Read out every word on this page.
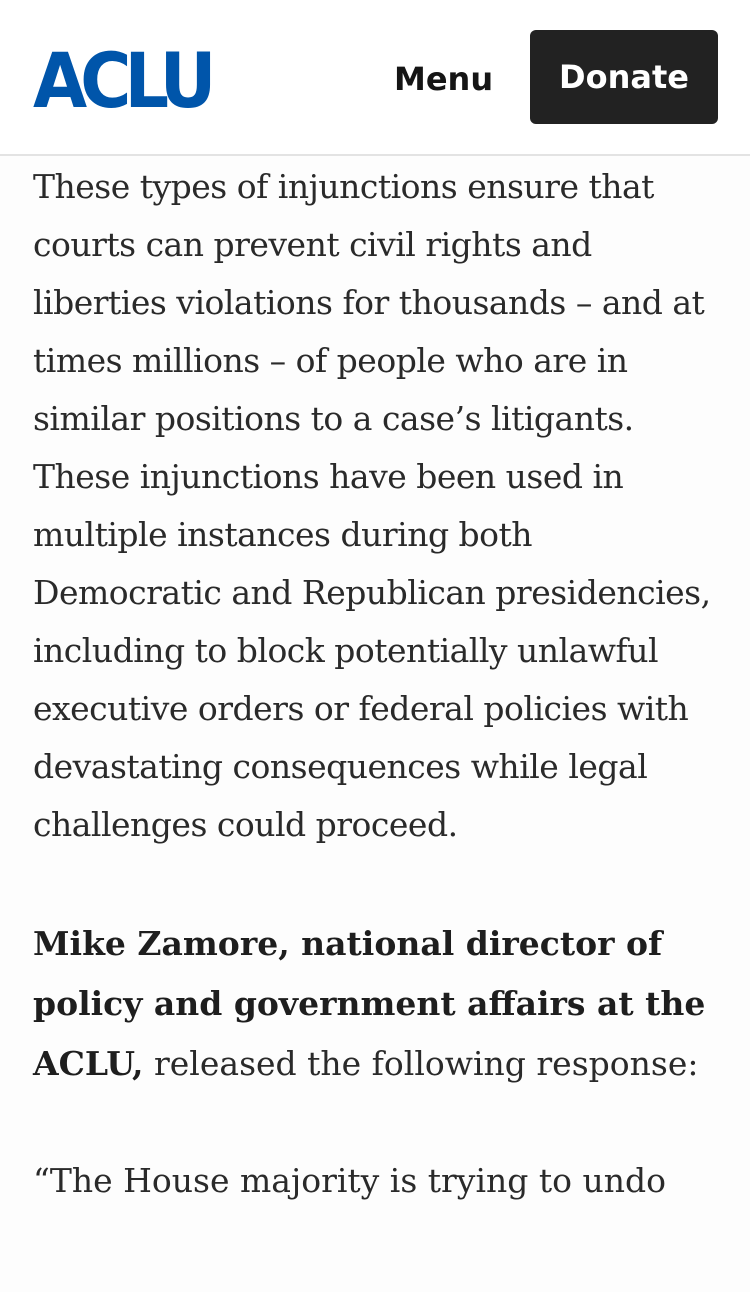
ACLU	Menu	Donate

These types of injunctions ensure that courts can prevent civil rights and liberties violations for thousands – and at times millions – of people who are in similar positions to a case’s litigants. These injunctions have been used in multiple instances during both Democratic and Republican presidencies, including to block potentially unlawful executive orders or federal policies with devastating consequences while legal challenges could proceed.

Mike Zamore, national director of policy and government affairs at the ACLU, released the following response:

“The House majority is trying to undo
